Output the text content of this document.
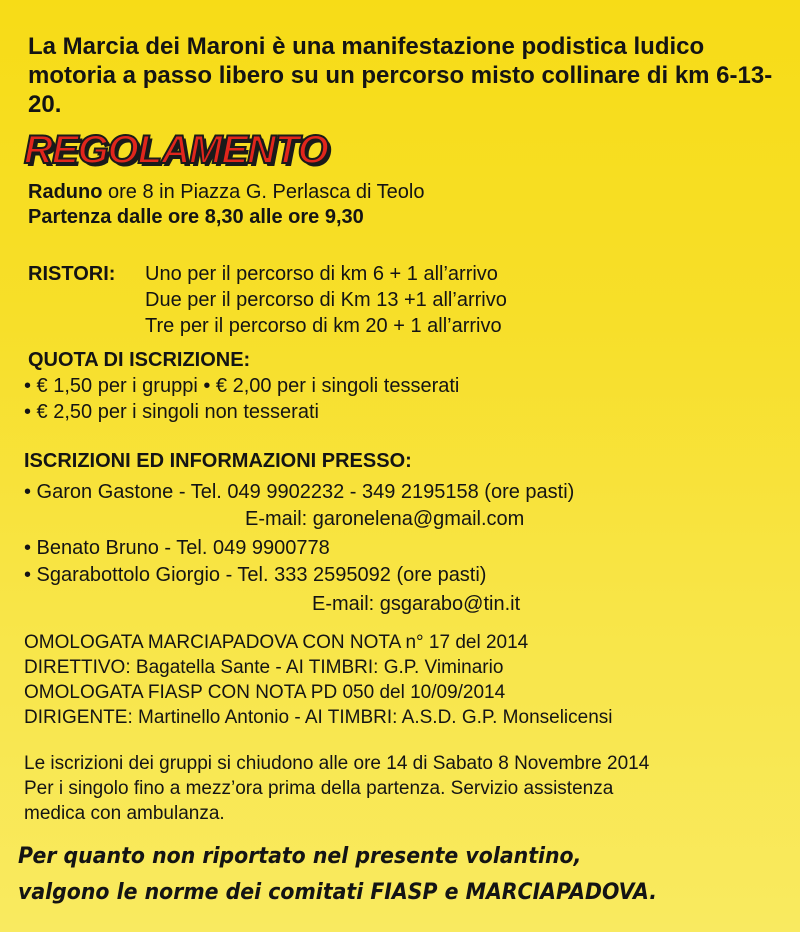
La Marcia dei Maroni è una manifestazione podistica ludico motoria a passo libero su un percorso misto collinare di km 6-13-20.
REGOLAMENTO
Raduno ore 8 in Piazza G. Perlasca di Teolo
Partenza dalle ore 8,30 alle ore 9,30
RISTORI: Uno per il percorso di km 6 + 1 all’arrivo
Due per il percorso di Km 13 +1 all’arrivo
Tre per il percorso di km 20 + 1 all’arrivo
QUOTA DI ISCRIZIONE:
• € 1,50 per i gruppi • € 2,00 per i singoli tesserati
• € 2,50 per i singoli non tesserati
ISCRIZIONI ED INFORMAZIONI PRESSO:
• Garon Gastone - Tel. 049 9902232 - 349 2195158 (ore pasti)
E-mail: garonelena@gmail.com
• Benato Bruno - Tel. 049 9900778
• Sgarabottolo Giorgio - Tel. 333 2595092 (ore pasti)
E-mail: gsgarabo@tin.it
OMOLOGATA MARCIAPADOVA CON NOTA n° 17 del 2014
DIRETTIVO: Bagatella Sante - AI TIMBRI: G.P. Viminario
OMOLOGATA FIASP CON NOTA PD 050 del 10/09/2014
DIRIGENTE: Martinello Antonio - AI TIMBRI: A.S.D. G.P. Monselicensi
Le iscrizioni dei gruppi si chiudono alle ore 14 di Sabato 8 Novembre 2014
Per i singolo fino a mezz’ora prima della partenza. Servizio assistenza
medica con ambulanza.
Per quanto non riportato nel presente volantino,
valgono le norme dei comitati FIASP e MARCIAPADOVA.
